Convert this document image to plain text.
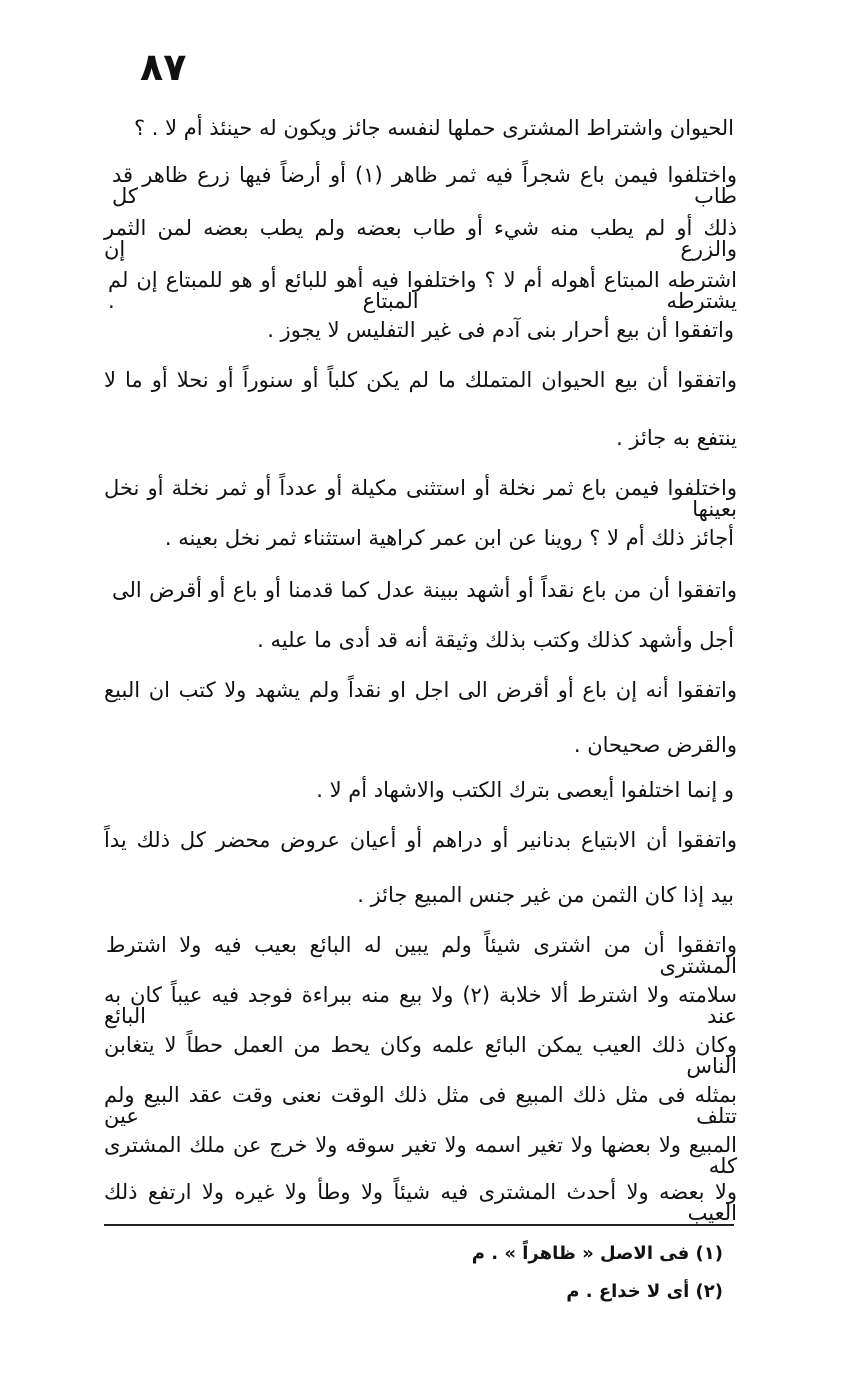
٨٧
الحيوان واشتراط المشترى حملها لنفسه جائز ويكون له حينئذ أم لا . ؟
واختلفوا فيمن باع شجراً فيه ثمر ظاهر (١) أو أرضاً فيها زرع ظاهر قد طاب كل
ذلك أو لم يطب منه شيء أو طاب بعضه ولم يطب بعضه لمن الثمر والزرع إن
اشترطه المبتاع أهوله أم لا ؟ واختلفوا فيه أهو للبائع أو هو للمبتاع إن لم يشترطه المبتاع .
واتفقوا أن بيع أحرار بنى آدم فى غير التفليس لا يجوز .
واتفقوا أن بيع الحيوان المتملك ما لم يكن كلباً أو سنوراً أو نحلا أو ما لا
ينتفع به جائز .
واختلفوا فيمن باع ثمر نخلة أو استثنى مكيلة أو عدداً أو ثمر نخلة أو نخل بعينها
أجائز ذلك أم لا ؟ روينا عن ابن عمر كراهية استثناء ثمر نخل بعينه .
واتفقوا أن من باع نقداً أو أشهد ببينة عدل كما قدمنا أو باع أو أقرض الى
أجل وأشهد كذلك وكتب بذلك وثيقة أنه قد أدى ما عليه .
واتفقوا أنه إن باع أو أقرض الى اجل او نقداً ولم يشهد ولا كتب ان البيع
والقرض صحيحان .
و إنما اختلفوا أيعصى بترك الكتب والاشهاد أم لا .
واتفقوا أن الابتياع بدنانير أو دراهم أو أعيان عروض محضر كل ذلك يداً
بيد إذا كان الثمن من غير جنس المبيع جائز .
واتفقوا أن من اشترى شيئاً ولم يبين له البائع بعيب فيه ولا اشترط المشترى
سلامته ولا اشترط ألا خلابة (٢) ولا بيع منه ببراءة فوجد فيه عيباً كان به عند البائع
وكان ذلك العيب يمكن البائع علمه وكان يحط من العمل حطاً لا يتغابن الناس
بمثله فى مثل ذلك المبيع فى مثل ذلك الوقت نعنى وقت عقد البيع ولم تتلف عين
المبيع ولا بعضها ولا تغير اسمه ولا تغير سوقه ولا خرج عن ملك المشترى كله
ولا بعضه ولا أحدث المشترى فيه شيئاً ولا وطأ ولا غيره ولا ارتفع ذلك العيب
(١) فى الاصل « ظاهراً » . م
(٢) أى لا خداع . م
